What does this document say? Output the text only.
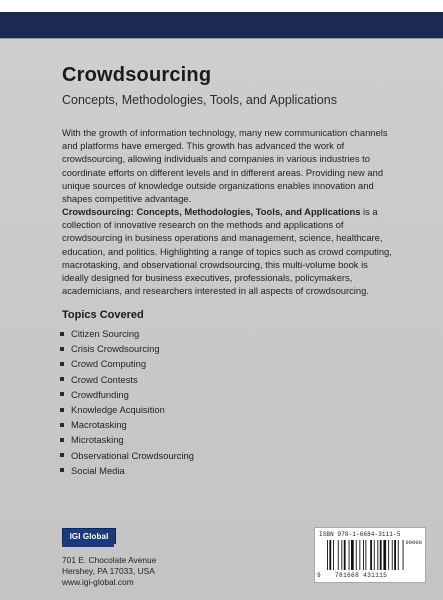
Crowdsourcing
Concepts, Methodologies, Tools, and Applications
With the growth of information technology, many new communication channels and platforms have emerged. This growth has advanced the work of crowdsourcing, allowing individuals and companies in various industries to coordinate efforts on different levels and in different areas. Providing new and unique sources of knowledge outside organizations enables innovation and shapes competitive advantage.
Crowdsourcing: Concepts, Methodologies, Tools, and Applications is a collection of innovative research on the methods and applications of crowdsourcing in business operations and management, science, healthcare, education, and politics. Highlighting a range of topics such as crowd computing, macrotasking, and observational crowdsourcing, this multi-volume book is ideally designed for business executives, professionals, policymakers, academicians, and researchers interested in all aspects of crowdsourcing.
Topics Covered
Citizen Sourcing
Crisis Crowdsourcing
Crowd Computing
Crowd Contests
Crowdfunding
Knowledge Acquisition
Macrotasking
Microtasking
Observational Crowdsourcing
Social Media
IGI Global
701 E. Chocolate Avenue
Hershey, PA 17033, USA
www.igi-global.com
ISBN 978-1-6684-3111-5
9 781668 431115
90000
